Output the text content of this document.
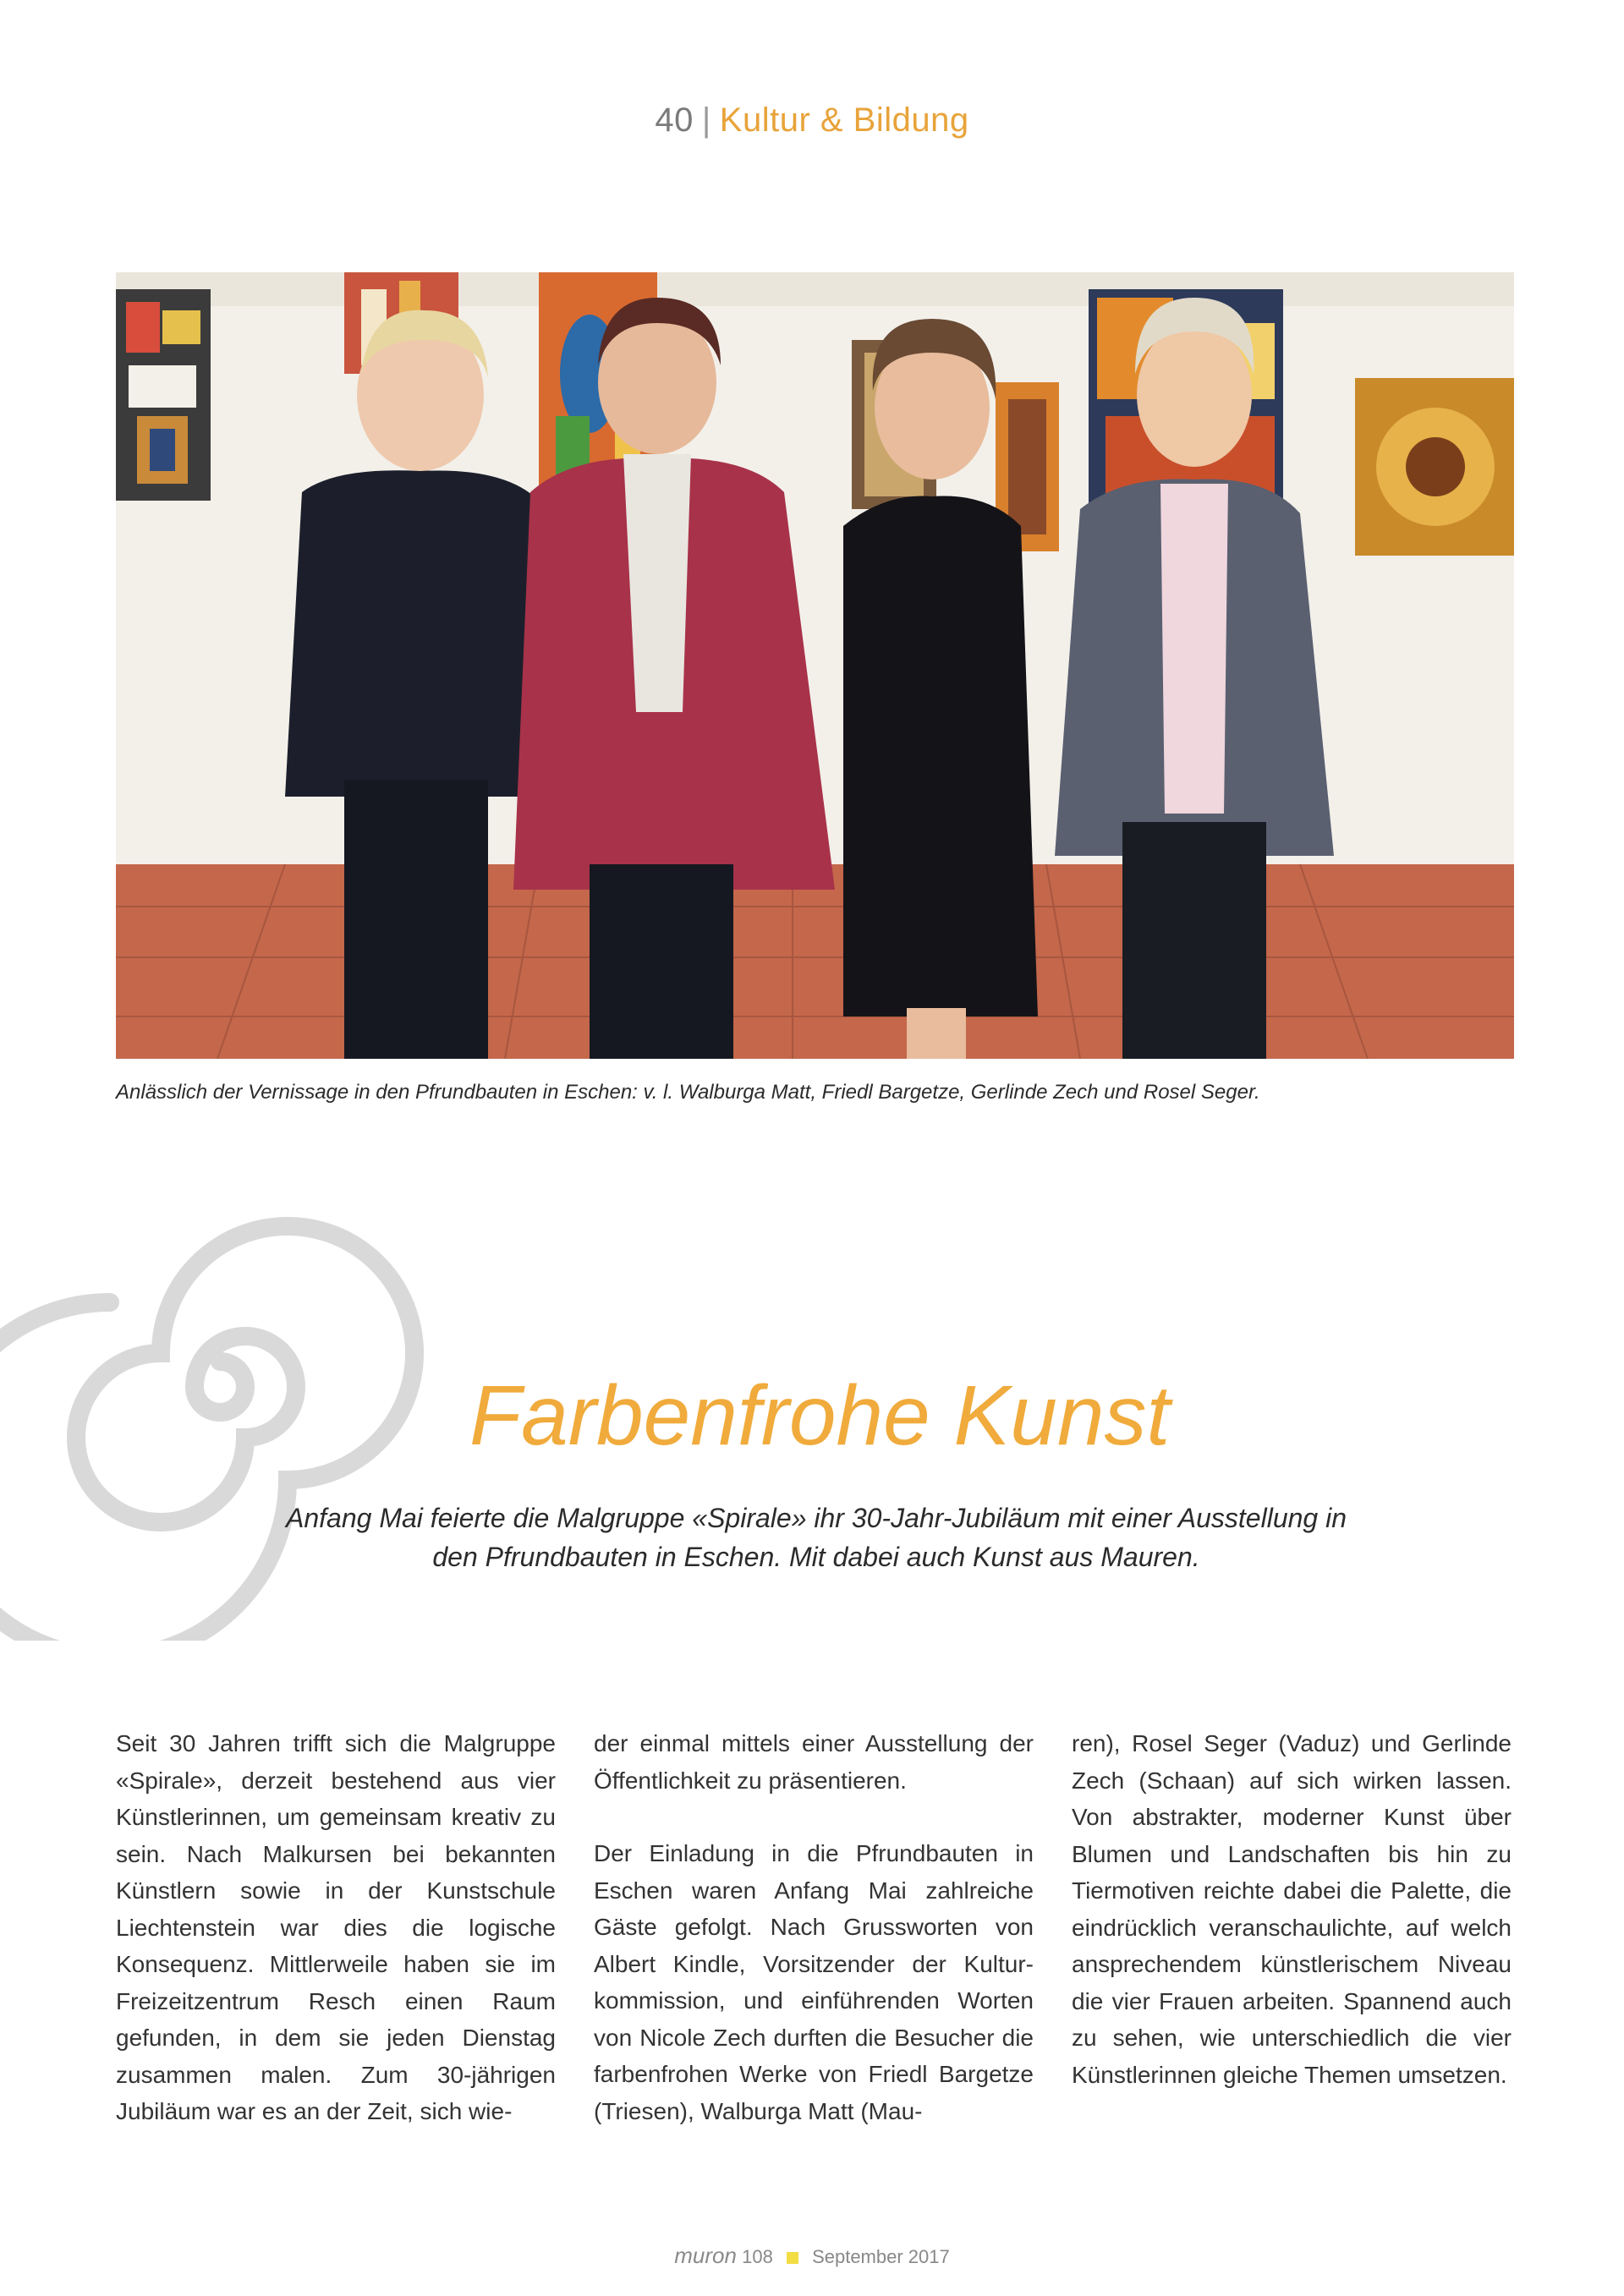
40 | Kultur & Bildung
Anlässlich der Vernissage in den Pfrundbauten in Eschen: v. l. Walburga Matt, Friedl Bargetze, Gerlinde Zech und Rosel Seger.
Farbenfrohe Kunst
Anfang Mai feierte die Malgruppe «Spirale» ihr 30-Jahr-Jubiläum mit einer Ausstellung in
den Pfrundbauten in Eschen. Mit dabei auch Kunst aus Mauren.

Seit 30 Jahren trifft sich die Malgruppe «Spirale», derzeit bestehend aus vier Künstlerinnen, um gemeinsam kreativ zu sein. Nach Malkursen bei bekannten Künstlern sowie in der Kunstschule Liechtenstein war dies die logische Konsequenz. Mittlerweile haben sie im Freizeitzentrum Resch einen Raum gefunden, in dem sie jeden Dienstag zusammen malen. Zum 30-jährigen Jubiläum war es an der Zeit, sich wie-

der einmal mittels einer Ausstellung der Öffentlichkeit zu präsentieren.

Der Einladung in die Pfrundbauten in Eschen waren Anfang Mai zahlreiche Gäste gefolgt. Nach Grussworten von Albert Kindle, Vorsitzender der Kulturkommission, und einführenden Worten von Nicole Zech durften die Besucher die farbenfrohen Werke von Friedl Bargetze (Triesen), Walburga Matt (Mau-

ren), Rosel Seger (Vaduz) und Gerlinde Zech (Schaan) auf sich wirken lassen. Von abstrakter, moderner Kunst über Blumen und Landschaften bis hin zu Tiermotiven reichte dabei die Palette, die eindrücklich veranschaulichte, auf welch ansprechendem künstlerischem Niveau die vier Frauen arbeiten. Spannend auch zu sehen, wie unterschiedlich die vier Künstlerinnen gleiche Themen umsetzen.

muron 108 September 2017
